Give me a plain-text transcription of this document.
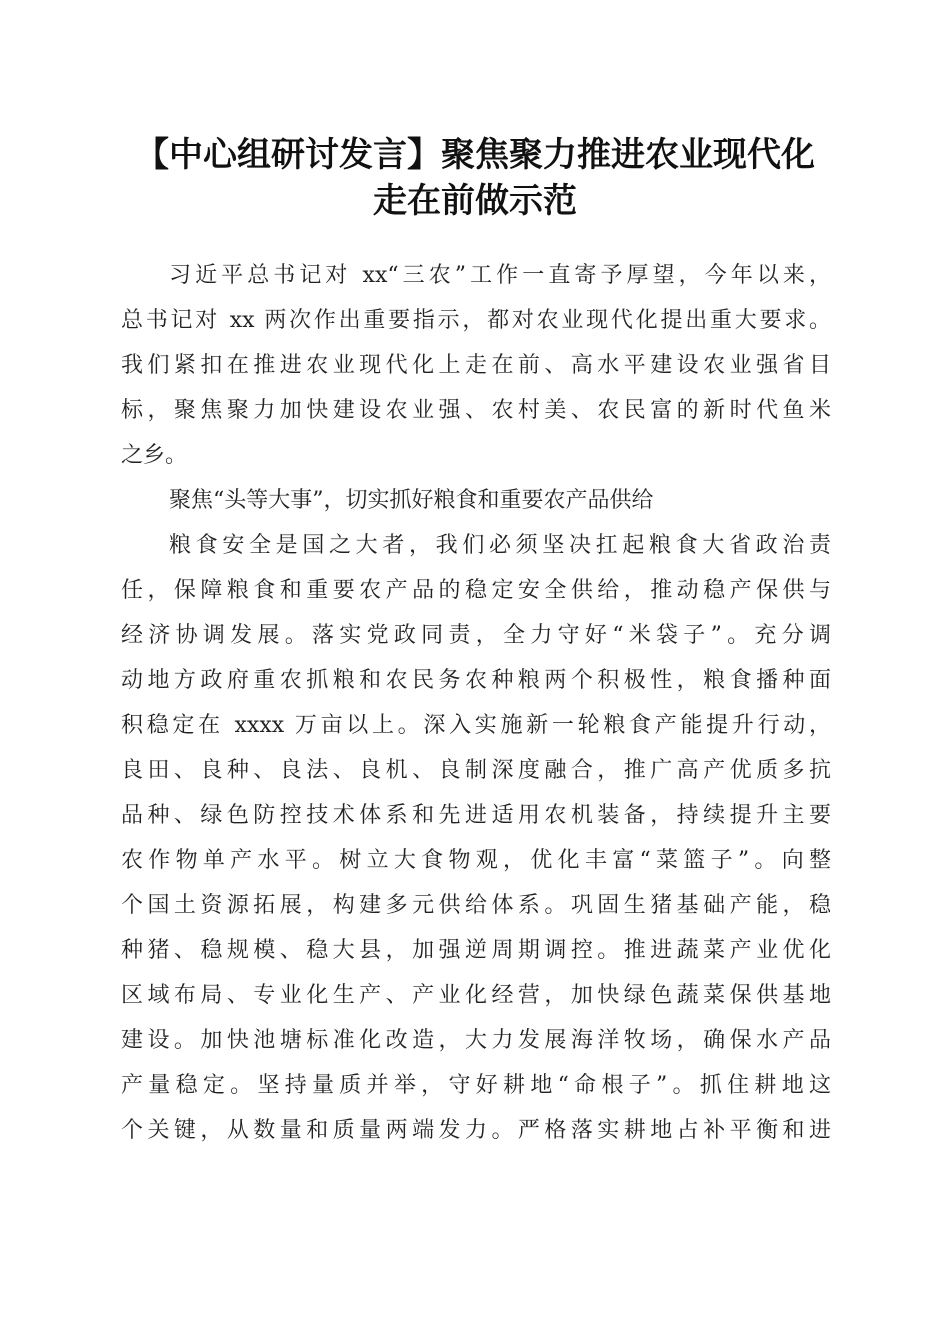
【中心组研讨发言】聚焦聚力推进农业现代化
走在前做示范
习近平总书记对 xx“三农”工作一直寄予厚望，今年以来，
总书记对 xx 两次作出重要指示，都对农业现代化提出重大要求。
我们紧扣在推进农业现代化上走在前、高水平建设农业强省目
标，聚焦聚力加快建设农业强、农村美、农民富的新时代鱼米
之乡。
聚焦“头等大事”，切实抓好粮食和重要农产品供给
粮食安全是国之大者，我们必须坚决扛起粮食大省政治责
任，保障粮食和重要农产品的稳定安全供给，推动稳产保供与
经济协调发展。落实党政同责，全力守好“米袋子”。充分调
动地方政府重农抓粮和农民务农种粮两个积极性，粮食播种面
积稳定在 xxxx 万亩以上。深入实施新一轮粮食产能提升行动，
良田、良种、良法、良机、良制深度融合，推广高产优质多抗
品种、绿色防控技术体系和先进适用农机装备，持续提升主要
农作物单产水平。树立大食物观，优化丰富“菜篮子”。向整
个国土资源拓展，构建多元供给体系。巩固生猪基础产能，稳
种猪、稳规模、稳大县，加强逆周期调控。推进蔬菜产业优化
区域布局、专业化生产、产业化经营，加快绿色蔬菜保供基地
建设。加快池塘标准化改造，大力发展海洋牧场，确保水产品
产量稳定。坚持量质并举，守好耕地“命根子”。抓住耕地这
个关键，从数量和质量两端发力。严格落实耕地占补平衡和进
